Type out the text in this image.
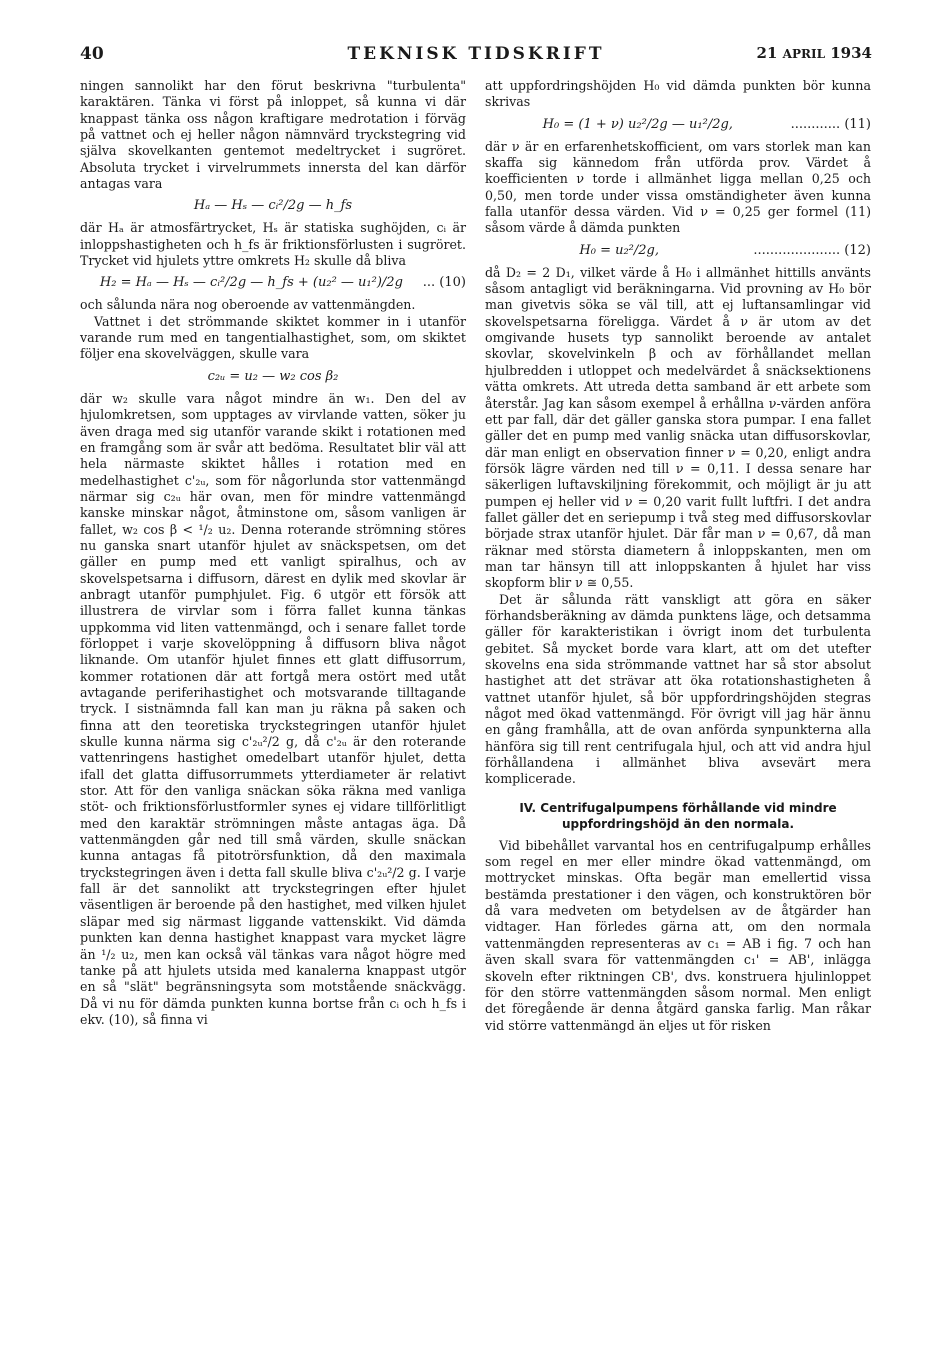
40	TEKNISK TIDSKRIFT	21 APRIL 1934

ningen sannolikt har den förut beskrivna "turbulenta" karaktären. Tänka vi först på inloppet, så kunna vi där knappast tänka oss någon kraftigare medrotation i förväg på vattnet och ej heller någon nämnvärd tryckstegring vid själva skovelkanten gentemot medeltrycket i sugröret. Absoluta trycket i virvelrummets innersta del kan därför antagas vara

Hₐ — Hₛ — cᵢ²/2g — h_fs

där Hₐ är atmosfärtrycket, Hₛ är statiska sughöjden, cᵢ är inloppshastigheten och h_fs är friktionsförlusten i sugröret. Trycket vid hjulets yttre omkrets H₂ skulle då bliva

H₂ = Hₐ — Hₛ — cᵢ²/2g — h_fs + (u₂² — u₁²)/2g ... (10)

och sålunda nära nog oberoende av vattenmängden.

Vattnet i det strömmande skiktet kommer in i utanför varande rum med en tangentialhastighet, som, om skiktet följer ena skovelväggen, skulle vara

c₂ᵤ = u₂ — w₂ cos β₂

där w₂ skulle vara något mindre än w₁. Den del av hjulomkretsen, som upptages av virvlande vatten, söker ju även draga med sig utanför varande skikt i rotationen med en framgång som är svår att bedöma. Resultatet blir väl att hela närmaste skiktet hålles i rotation med en medelhastighet c'₂ᵤ, som för någorlunda stor vattenmängd närmar sig c₂ᵤ här ovan, men för mindre vattenmängd kanske minskar något, åtminstone om, såsom vanligen är fallet, w₂ cos β < ¹/₂ u₂. Denna roterande strömning störes nu ganska snart utanför hjulet av snäckspetsen, om det gäller en pump med ett vanligt spiralhus, och av skovelspetsarna i diffusorn, därest en dylik med skovlar är anbragt utanför pumphjulet. Fig. 6 utgör ett försök att illustrera de virvlar som i förra fallet kunna tänkas uppkomma vid liten vattenmängd, och i senare fallet torde förloppet i varje skovelöppning å diffusorn bliva något liknande. Om utanför hjulet finnes ett glatt diffusorrum, kommer rotationen där att fortgå mera ostört med utåt avtagande periferihastighet och motsvarande tilltagande tryck. I sistnämnda fall kan man ju räkna på saken och finna att den teoretiska tryckstegringen utanför hjulet skulle kunna närma sig c'₂ᵤ²/2 g, då c'₂ᵤ är den roterande vattenringens hastighet omedelbart utanför hjulet, detta ifall det glatta diffusorrummets ytterdiameter är relativt stor. Att för den vanliga snäckan söka räkna med vanliga stöt- och friktionsförlustformler synes ej vidare tillförlitligt med den karaktär strömningen måste antagas äga. Då vattenmängden går ned till små värden, skulle snäckan kunna antagas få pitotrörsfunktion, då den maximala tryckstegringen även i detta fall skulle bliva c'₂ᵤ²/2 g. I varje fall är det sannolikt att tryckstegringen efter hjulet väsentligen är beroende på den hastighet, med vilken hjulet släpar med sig närmast liggande vattenskikt. Vid dämda punkten kan denna hastighet knappast vara mycket lägre än ¹/₂ u₂, men kan också väl tänkas vara något högre med tanke på att hjulets utsida med kanalerna knappast utgör en så "slät" begränsningsyta som motstående snäckvägg. Då vi nu för dämda punkten kunna bortse från cᵢ och h_fs i ekv. (10), så finna vi

att uppfordringshöjden H₀ vid dämda punkten bör kunna skrivas

H₀ = (1 + ν) u₂²/2g — u₁²/2g,	............ (11)

där ν är en erfarenhetskofficient, om vars storlek man kan skaffa sig kännedom från utförda prov. Värdet å koefficienten ν torde i allmänhet ligga mellan 0,25 och 0,50, men torde under vissa omständigheter även kunna falla utanför dessa värden. Vid ν = 0,25 ger formel (11) såsom värde å dämda punkten

H₀ = u₂²/2g,	..................... (12)

då D₂ = 2 D₁, vilket värde å H₀ i allmänhet hittills använts såsom antagligt vid beräkningarna. Vid provning av H₀ bör man givetvis söka se väl till, att ej luftansamlingar vid skovelspetsarna föreligga. Värdet å ν är utom av det omgivande husets typ sannolikt beroende av antalet skovlar, skovelvinkeln β och av förhållandet mellan hjulbredden i utloppet och medelvärdet å snäcksektionens vätta omkrets. Att utreda detta samband är ett arbete som återstår. Jag kan såsom exempel å erhållna ν-värden anföra ett par fall, där det gäller ganska stora pumpar. I ena fallet gäller det en pump med vanlig snäcka utan diffusorskovlar, där man enligt en observation finner ν = 0,20, enligt andra försök lägre värden ned till ν = 0,11. I dessa senare har säkerligen luftavskiljning förekommit, och möjligt är ju att pumpen ej heller vid ν = 0,20 varit fullt luftfri. I det andra fallet gäller det en seriepump i två steg med diffusorskovlar började strax utanför hjulet. Där får man ν = 0,67, då man räknar med största diametern å inloppskanten, men om man tar hänsyn till att inloppskanten å hjulet har viss skopform blir ν ≅ 0,55.

Det är sålunda rätt vanskligt att göra en säker förhandsberäkning av dämda punktens läge, och detsamma gäller för karakteristikan i övrigt inom det turbulenta gebitet. Så mycket borde vara klart, att om det utefter skovelns ena sida strömmande vattnet har så stor absolut hastighet att det strävar att öka rotationshastigheten å vattnet utanför hjulet, så bör uppfordringshöjden stegras något med ökad vattenmängd. För övrigt vill jag här ännu en gång framhålla, att de ovan anförda synpunkterna alla hänföra sig till rent centrifugala hjul, och att vid andra hjul förhållandena i allmänhet bliva avsevärt mera komplicerade.

IV. Centrifugalpumpens förhållande vid mindre uppfordringshöjd än den normala.

Vid bibehållet varvantal hos en centrifugalpump erhålles som regel en mer eller mindre ökad vattenmängd, om mottrycket minskas. Ofta begär man emellertid vissa bestämda prestationer i den vägen, och konstruktören bör då vara medveten om betydelsen av de åtgärder han vidtager. Han förledes gärna att, om den normala vattenmängden representeras av c₁ = AB i fig. 7 och han även skall svara för vattenmängden c₁' = AB', inlägga skoveln efter riktningen CB', dvs. konstruera hjulinloppet för den större vattenmängden såsom normal. Men enligt det föregående är denna åtgärd ganska farlig. Man råkar vid större vattenmängd än eljes ut för risken
